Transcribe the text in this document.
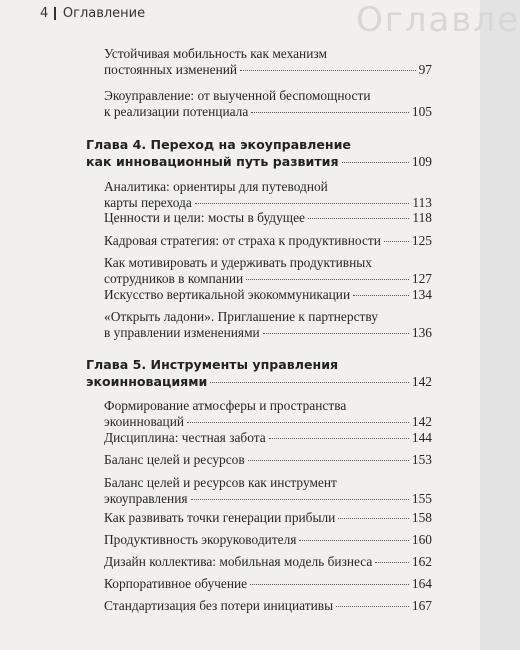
Оглавле
4 Оглавление
Устойчивая мобильность как механизм
постоянных изменений	97
Экоуправление: от выученной беспомощности
к реализации потенциала	105
Глава 4. Переход на экоуправление
как инновационный путь развития	109
Аналитика: ориентиры для путеводной
карты перехода	113
Ценности и цели: мосты в будущее	118
Кадровая стратегия: от страха к продуктивности 125
Как мотивировать и удерживать продуктивных
сотрудников в компании	127
Искусство вертикальной экокоммуникации	134
«Открыть ладони». Приглашение к партнерству
в управлении изменениями	136
Глава 5. Инструменты управления
экоинновациями	142
Формирование атмосферы и пространства
экоинноваций	142
Дисциплина: честная забота	144
Баланс целей и ресурсов	153
Баланс целей и ресурсов как инструмент
экоуправления	155
Как развивать точки генерации прибыли	158
Продуктивность экоруководителя	160
Дизайн коллектива: мобильная модель бизнеса	162
Корпоративное обучение	164
Стандартизация без потери инициативы	167
